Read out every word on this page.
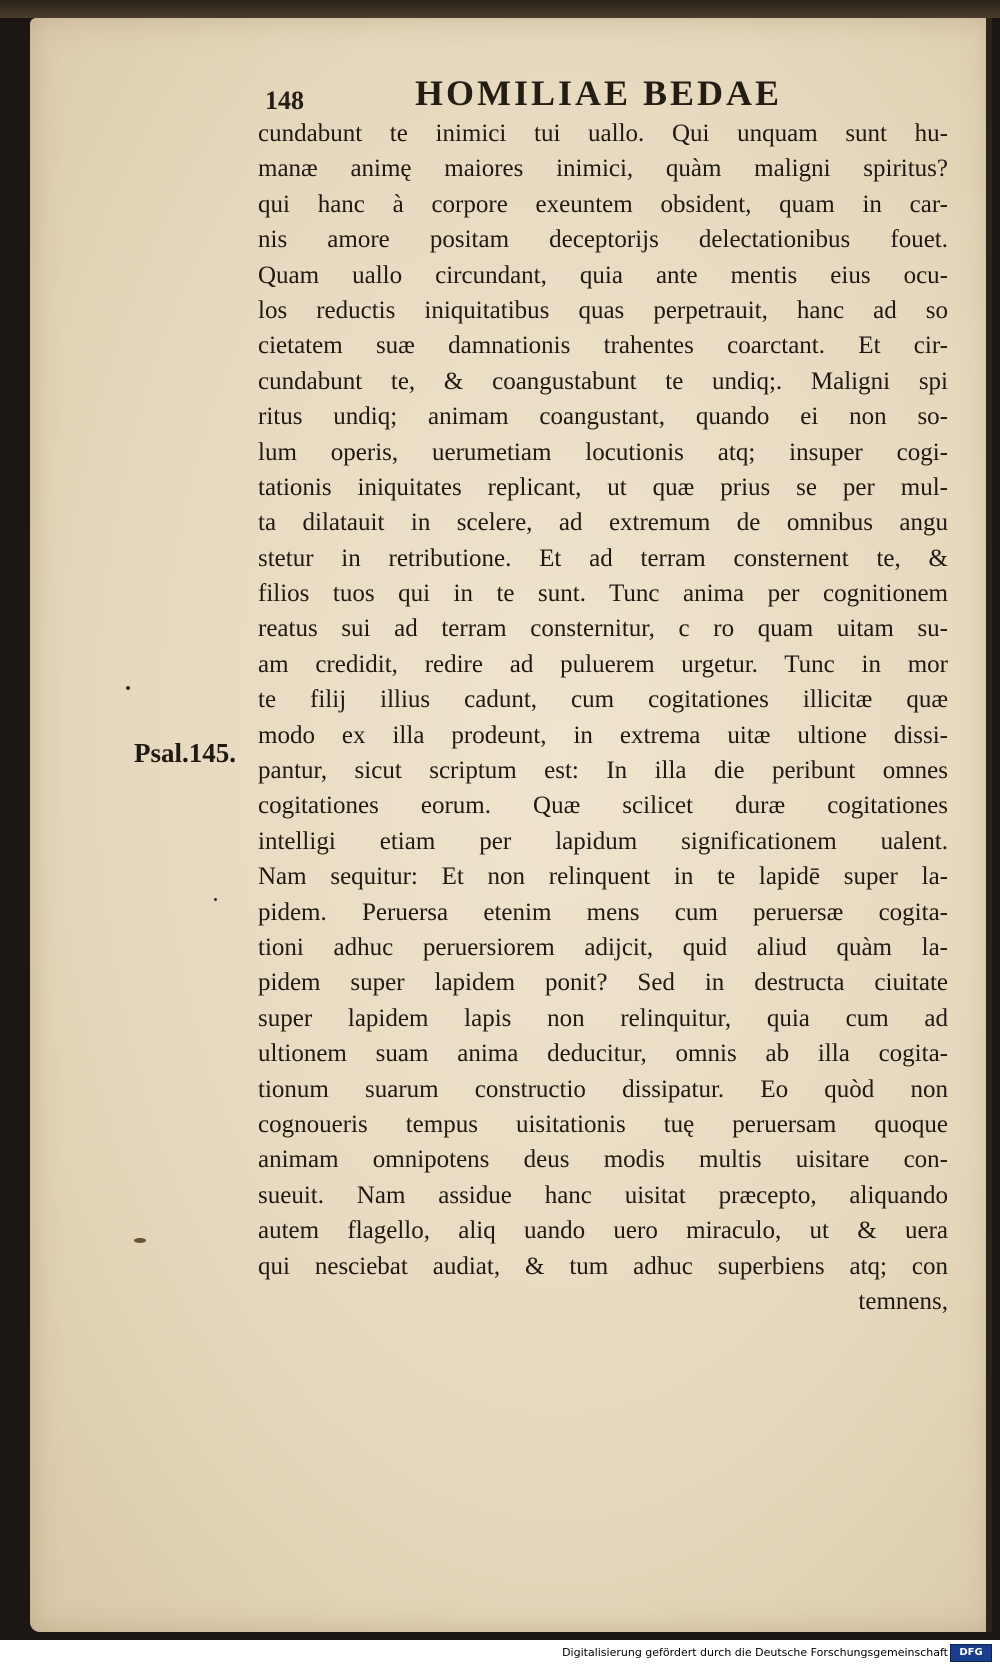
148	HOMILIAE BEDAE
Psal.145.
cundabunt te inimici tui uallo. Qui unquam sunt hu-
manæ animę maiores inimici, quàm maligni spiritus?
qui hanc à corpore exeuntem obsident, quam in car-
nis amore positam deceptorijs delectationibus fouet.
Quam uallo circundant, quia ante mentis eius ocu-
los reductis iniquitatibus quas perpetrauit, hanc ad so
cietatem suæ damnationis trahentes coarctant. Et cir-
cundabunt te, & coangustabunt te undiq;. Maligni spi
ritus undiq; animam coangustant, quando ei non so-
lum operis, uerumetiam locutionis atq; insuper cogi-
tationis iniquitates replicant, ut quæ prius se per mul-
ta dilatauit in scelere, ad extremum de omnibus angu
stetur in retributione. Et ad terram consternent te, &
filios tuos qui in te sunt. Tunc anima per cognitionem
reatus sui ad terram consternitur, c ro quam uitam su-
am credidit, redire ad puluerem urgetur. Tunc in mor
te filij illius cadunt, cum cogitationes illicitæ quæ
modo ex illa prodeunt, in extrema uitæ ultione dissi-
pantur, sicut scriptum est: In illa die peribunt omnes
cogitationes eorum. Quæ scilicet duræ cogitationes
intelligi etiam per lapidum significationem ualent.
Nam sequitur: Et non relinquent in te lapidē super la-
pidem. Peruersa etenim mens cum peruersæ cogita-
tioni adhuc peruersiorem adijcit, quid aliud quàm la-
pidem super lapidem ponit? Sed in destructa ciuitate
super lapidem lapis non relinquitur, quia cum ad
ultionem suam anima deducitur, omnis ab illa cogita-
tionum suarum constructio dissipatur. Eo quòd non
cognoueris tempus uisitationis tuę peruersam quoque
animam omnipotens deus modis multis uisitare con-
sueuit. Nam assidue hanc uisitat præcepto, aliquando
autem flagello, aliq uando uero miraculo, ut & uera
qui nesciebat audiat, & tum adhuc superbiens atq; con
temnens,
Digitalisierung gefördert durch die Deutsche Forschungsgemeinschaft	DFG
